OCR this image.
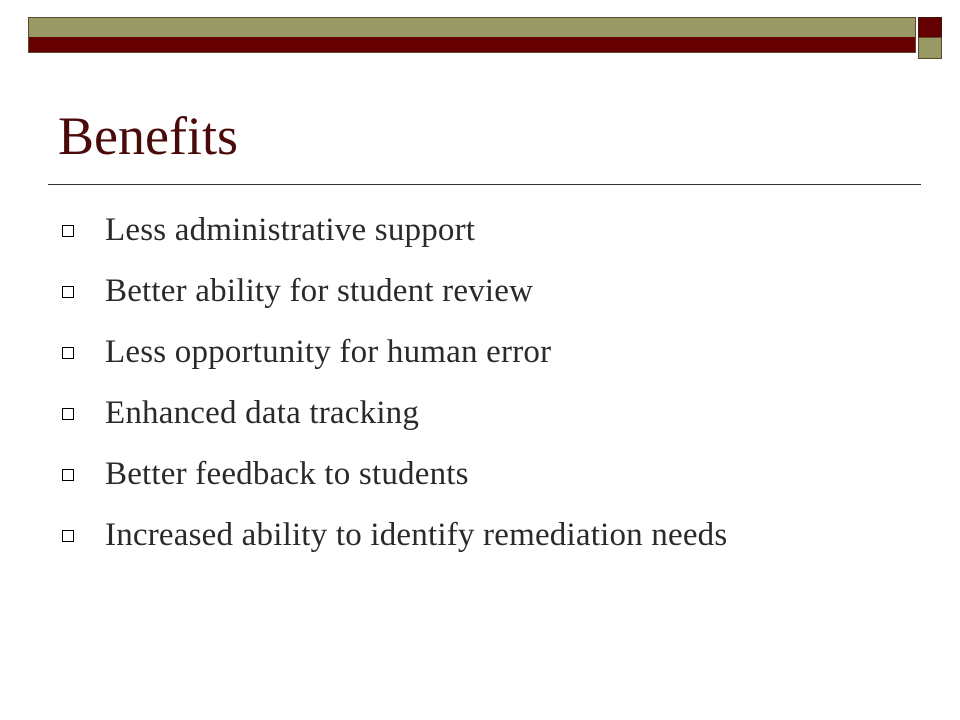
Benefits
Less administrative support
Better ability for student review
Less opportunity for human error
Enhanced data tracking
Better feedback to students
Increased ability to identify remediation needs
